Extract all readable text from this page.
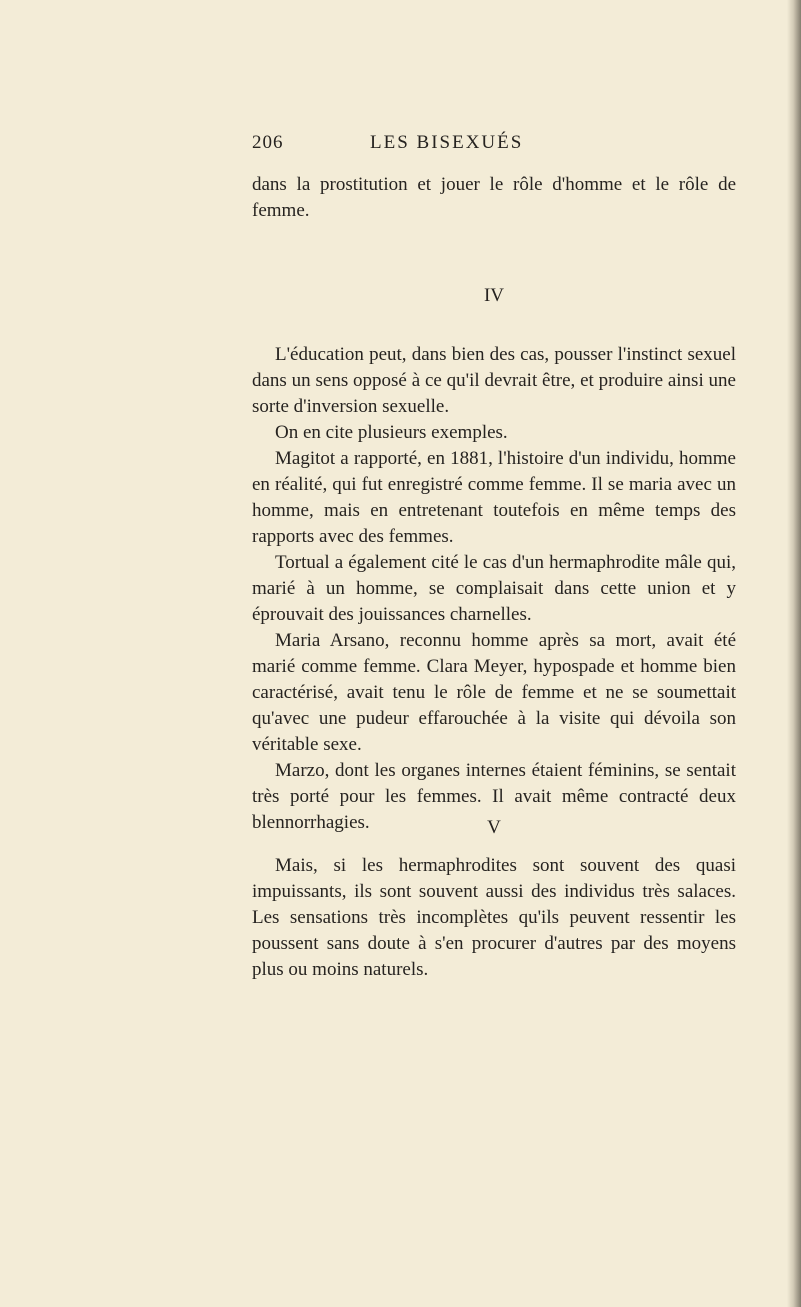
206	LES BISEXUÉS

dans la prostitution et jouer le rôle d'homme et le rôle de femme.

IV

L'éducation peut, dans bien des cas, pousser l'instinct sexuel dans un sens opposé à ce qu'il devrait être, et produire ainsi une sorte d'inversion sexuelle.

On en cite plusieurs exemples.

Magitot a rapporté, en 1881, l'histoire d'un individu, homme en réalité, qui fut enregistré comme femme. Il se maria avec un homme, mais en entretenant toutefois en même temps des rapports avec des femmes.

Tortual a également cité le cas d'un hermaphrodite mâle qui, marié à un homme, se complaisait dans cette union et y éprouvait des jouissances charnelles.

Maria Arsano, reconnu homme après sa mort, avait été marié comme femme. Clara Meyer, hypospade et homme bien caractérisé, avait tenu le rôle de femme et ne se soumettait qu'avec une pudeur effarouchée à la visite qui dévoila son véritable sexe.

Marzo, dont les organes internes étaient féminins, se sentait très porté pour les femmes. Il avait même contracté deux blennorrhagies.	V

Mais, si les hermaphrodites sont souvent des quasi impuissants, ils sont souvent aussi des individus très salaces. Les sensations très incomplètes qu'ils peuvent ressentir les poussent sans doute à s'en procurer d'autres par des moyens plus ou moins naturels.
